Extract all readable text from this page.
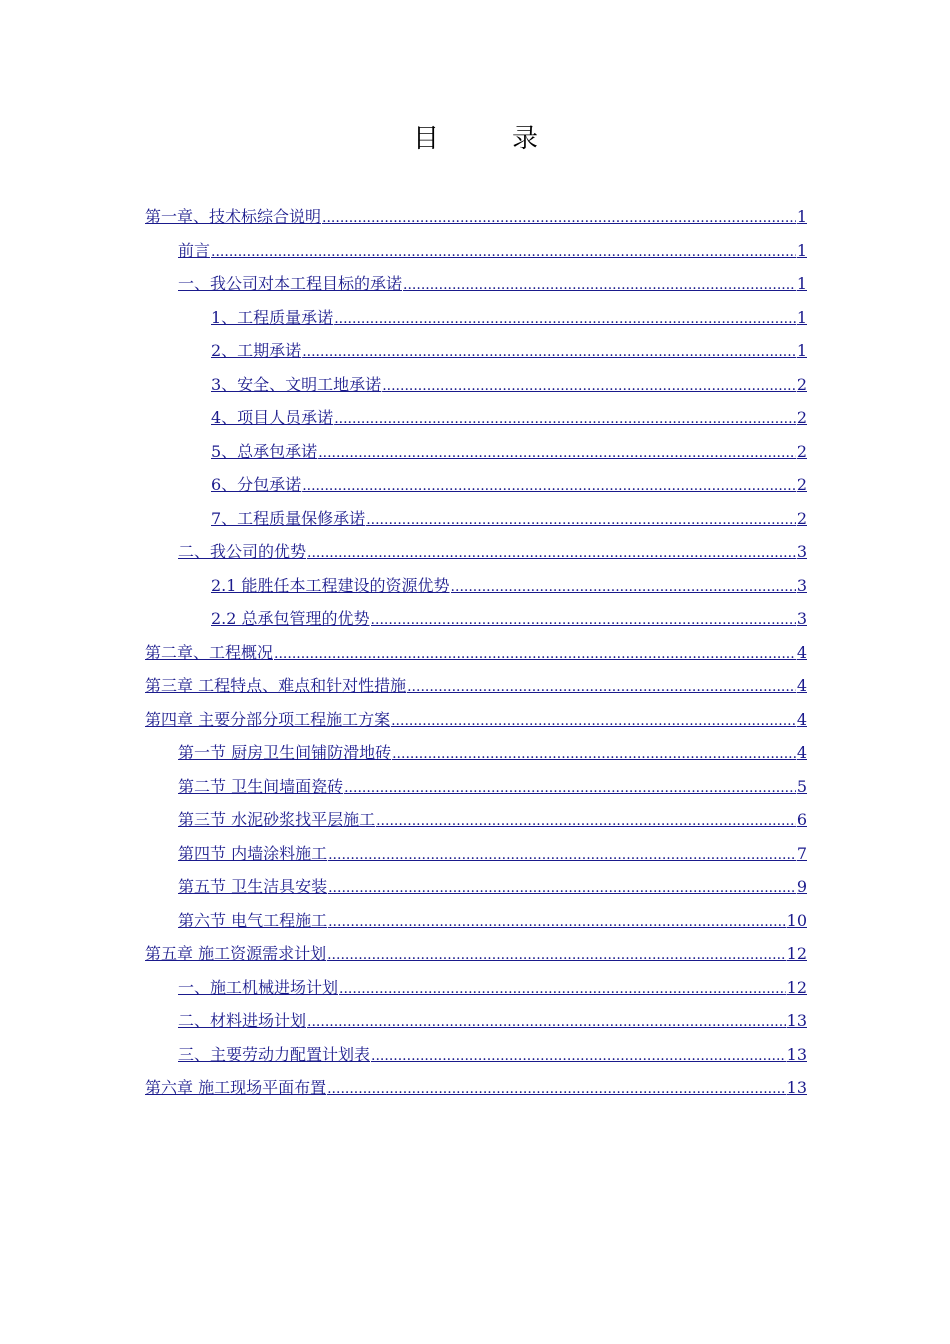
目	录
第一章、技术标综合说明 .....	1
前言 .....	1
一、我公司对本工程目标的承诺 .....	1
1、工程质量承诺 .....	1
2、工期承诺 .....	1
3、安全、文明工地承诺 .....	2
4、项目人员承诺 .....	2
5、总承包承诺 .....	2
6、分包承诺 .....	2
7、工程质量保修承诺 .....	2
二、我公司的优势 .....	3
2.1 能胜任本工程建设的资源优势 .....	3
2.2 总承包管理的优势 .....	3
第二章、工程概况 .....	4
第三章 工程特点、难点和针对性措施 .....	4
第四章 主要分部分项工程施工方案 .....	4
第一节 厨房卫生间铺防滑地砖 .....	4
第二节 卫生间墙面瓷砖 .....	5
第三节 水泥砂浆找平层施工 .....	6
第四节 内墙涂料施工 .....	7
第五节 卫生洁具安装 .....	9
第六节 电气工程施工 .....	10
第五章 施工资源需求计划 .....	12
一、施工机械进场计划 .....	12
二、材料进场计划 .....	13
三、主要劳动力配置计划表 .....	13
第六章 施工现场平面布置 .....	13
